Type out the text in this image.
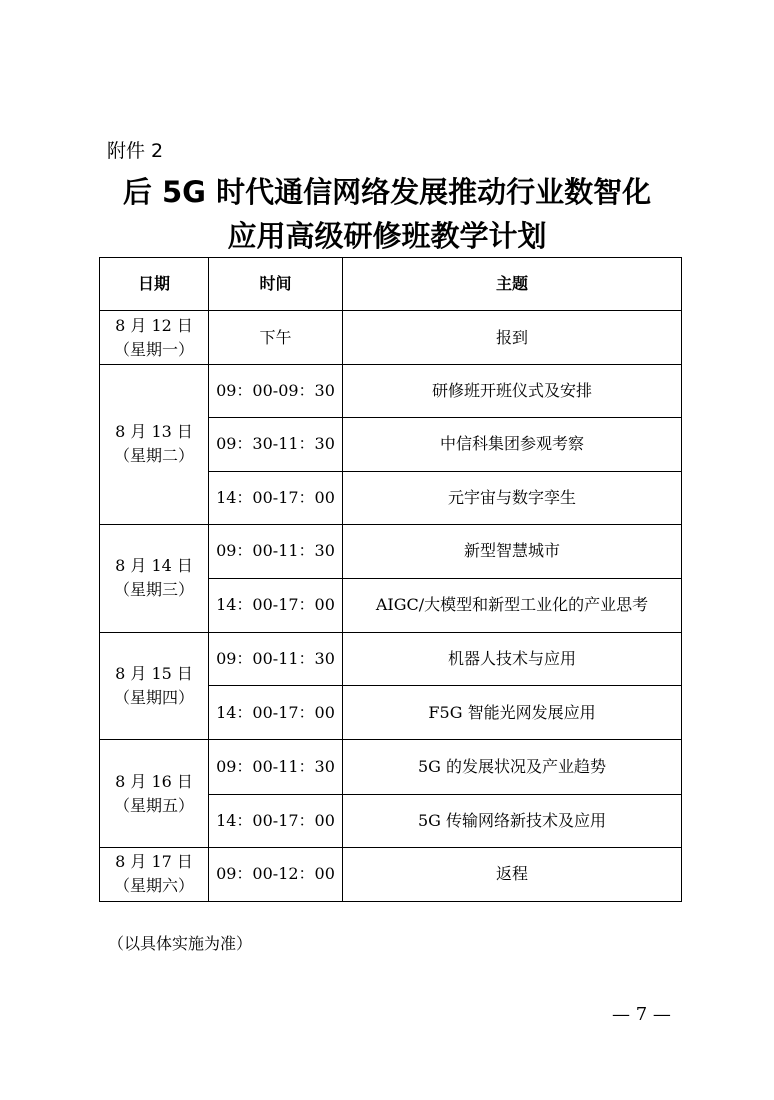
附件 2
后 5G 时代通信网络发展推动行业数智化
应用高级研修班教学计划
日期	时间	主题

8 月 12 日
（星期一）	下午	报到

8 月 13 日
（星期二）	09：00-09：30	研修班开班仪式及安排
	09：30-11：30	中信科集团参观考察
	14：00-17：00	元宇宙与数字孪生

8 月 14 日
（星期三）	09：00-11：30	新型智慧城市
	14：00-17：00	AIGC/大模型和新型工业化的产业思考

8 月 15 日
（星期四）	09：00-11：30	机器人技术与应用
	14：00-17：00	F5G 智能光网发展应用

8 月 16 日
（星期五）	09：00-11：30	5G 的发展状况及产业趋势
	14：00-17：00	5G 传输网络新技术及应用

8 月 17 日
（星期六）	09：00-12：00	返程
（以具体实施为准）
— 7 —
